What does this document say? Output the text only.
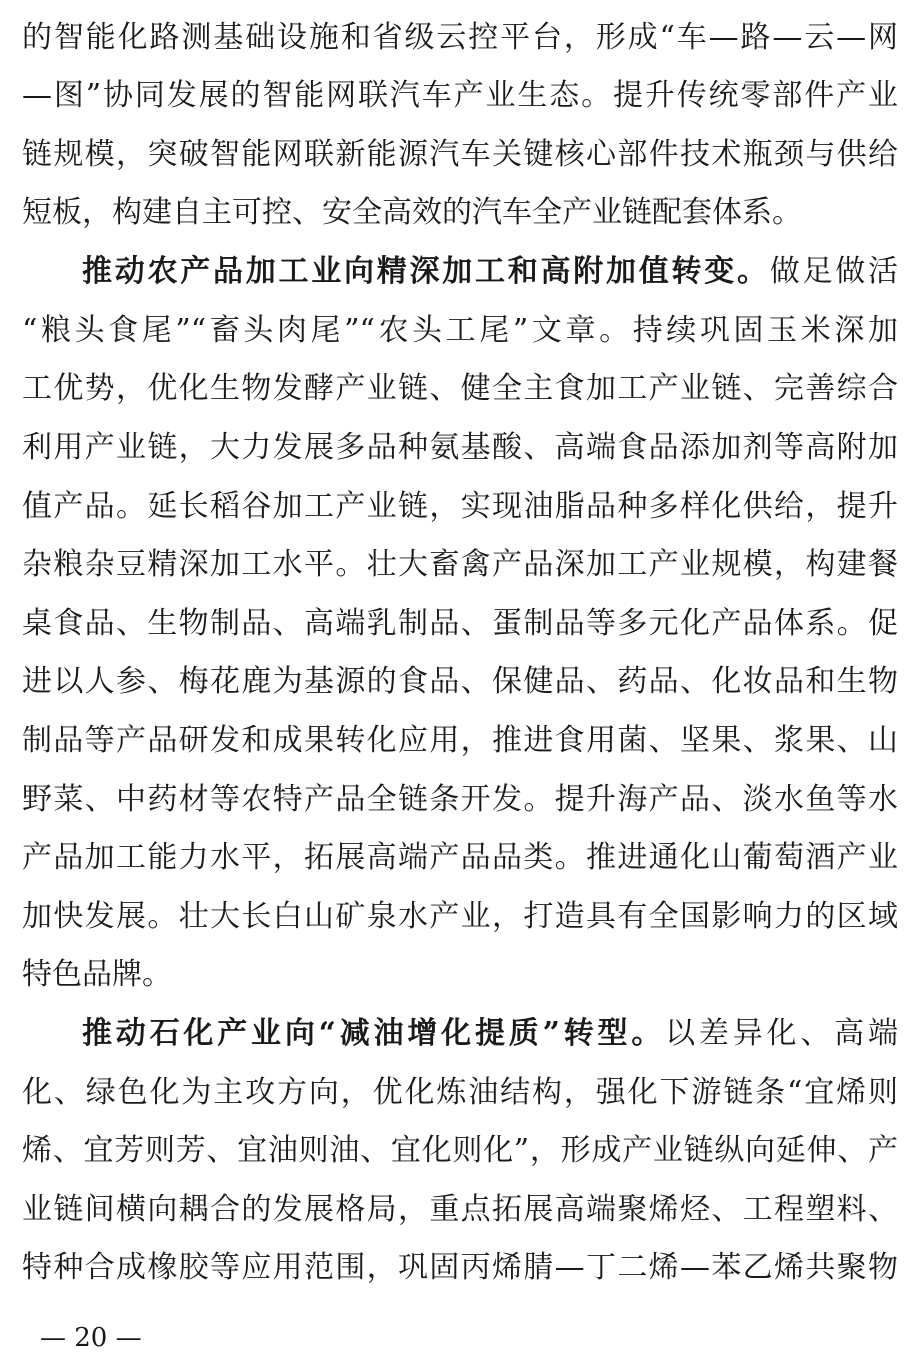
的智能化路测基础设施和省级云控平台，形成“车—路—云—网
—图”协同发展的智能网联汽车产业生态。提升传统零部件产业
链规模，突破智能网联新能源汽车关键核心部件技术瓶颈与供给
短板，构建自主可控、安全高效的汽车全产业链配套体系。
推动农产品加工业向精深加工和高附加值转变。做足做活
“粮头食尾”“畜头肉尾”“农头工尾”文章。持续巩固玉米深加
工优势，优化生物发酵产业链、健全主食加工产业链、完善综合
利用产业链，大力发展多品种氨基酸、高端食品添加剂等高附加
值产品。延长稻谷加工产业链，实现油脂品种多样化供给，提升
杂粮杂豆精深加工水平。壮大畜禽产品深加工产业规模，构建餐
桌食品、生物制品、高端乳制品、蛋制品等多元化产品体系。促
进以人参、梅花鹿为基源的食品、保健品、药品、化妆品和生物
制品等产品研发和成果转化应用，推进食用菌、坚果、浆果、山
野菜、中药材等农特产品全链条开发。提升海产品、淡水鱼等水
产品加工能力水平，拓展高端产品品类。推进通化山葡萄酒产业
加快发展。壮大长白山矿泉水产业，打造具有全国影响力的区域
特色品牌。
推动石化产业向“减油增化提质”转型。以差异化、高端
化、绿色化为主攻方向，优化炼油结构，强化下游链条“宜烯则
烯、宜芳则芳、宜油则油、宜化则化”，形成产业链纵向延伸、产
业链间横向耦合的发展格局，重点拓展高端聚烯烃、工程塑料、
特种合成橡胶等应用范围，巩固丙烯腈—丁二烯—苯乙烯共聚物
— 20 —
